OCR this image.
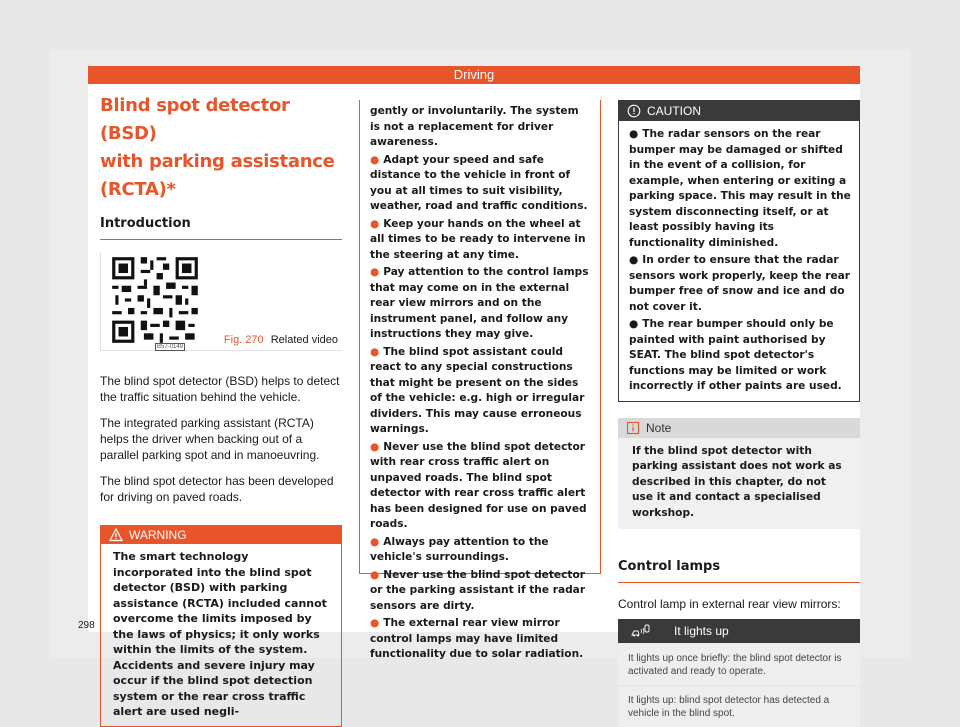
Driving
Blind spot detector (BSD)
with parking assistance
(RCTA)*
Introduction
B57-0149
Fig. 270 Related video

The blind spot detector (BSD) helps to detect the traffic situation behind the vehicle.

The integrated parking assistant (RCTA) helps the driver when backing out of a parallel parking spot and in manoeuvring.

The blind spot detector has been developed for driving on paved roads.

WARNING
The smart technology incorporated into the blind spot detector (BSD) with parking assistance (RCTA) included cannot overcome the limits imposed by the laws of physics; it only works within the limits of the system. Accidents and severe injury may occur if the blind spot detection system or the rear cross traffic alert are used negli-

gently or involuntarily. The system is not a replacement for driver awareness.

● Adapt your speed and safe distance to the vehicle in front of you at all times to suit visibility, weather, road and traffic conditions.
● Keep your hands on the wheel at all times to be ready to intervene in the steering at any time.
● Pay attention to the control lamps that may come on in the external rear view mirrors and on the instrument panel, and follow any instructions they may give.
● The blind spot assistant could react to any special constructions that might be present on the sides of the vehicle: e.g. high or irregular dividers. This may cause erroneous warnings.
● Never use the blind spot detector with rear cross traffic alert on unpaved roads. The blind spot detector with rear cross traffic alert has been designed for use on paved roads.
● Always pay attention to the vehicle's surroundings.
● Never use the blind spot detector or the parking assistant if the radar sensors are dirty.
● The external rear view mirror control lamps may have limited functionality due to solar radiation.
CAUTION
● The radar sensors on the rear bumper may be damaged or shifted in the event of a collision, for example, when entering or exiting a parking space. This may result in the system disconnecting itself, or at least possibly having its functionality diminished.
● In order to ensure that the radar sensors work properly, keep the rear bumper free of snow and ice and do not cover it.
● The rear bumper should only be painted with paint authorised by SEAT. The blind spot detector's functions may be limited or work incorrectly if other paints are used.
Note
If the blind spot detector with parking assistant does not work as described in this chapter, do not use it and contact a specialised workshop.
Control lamps
Control lamp in external rear view mirrors:
It lights up
It lights up once briefly: the blind spot detector is activated and ready to operate.
It lights up: blind spot detector has detected a vehicle in the blind spot.
298
